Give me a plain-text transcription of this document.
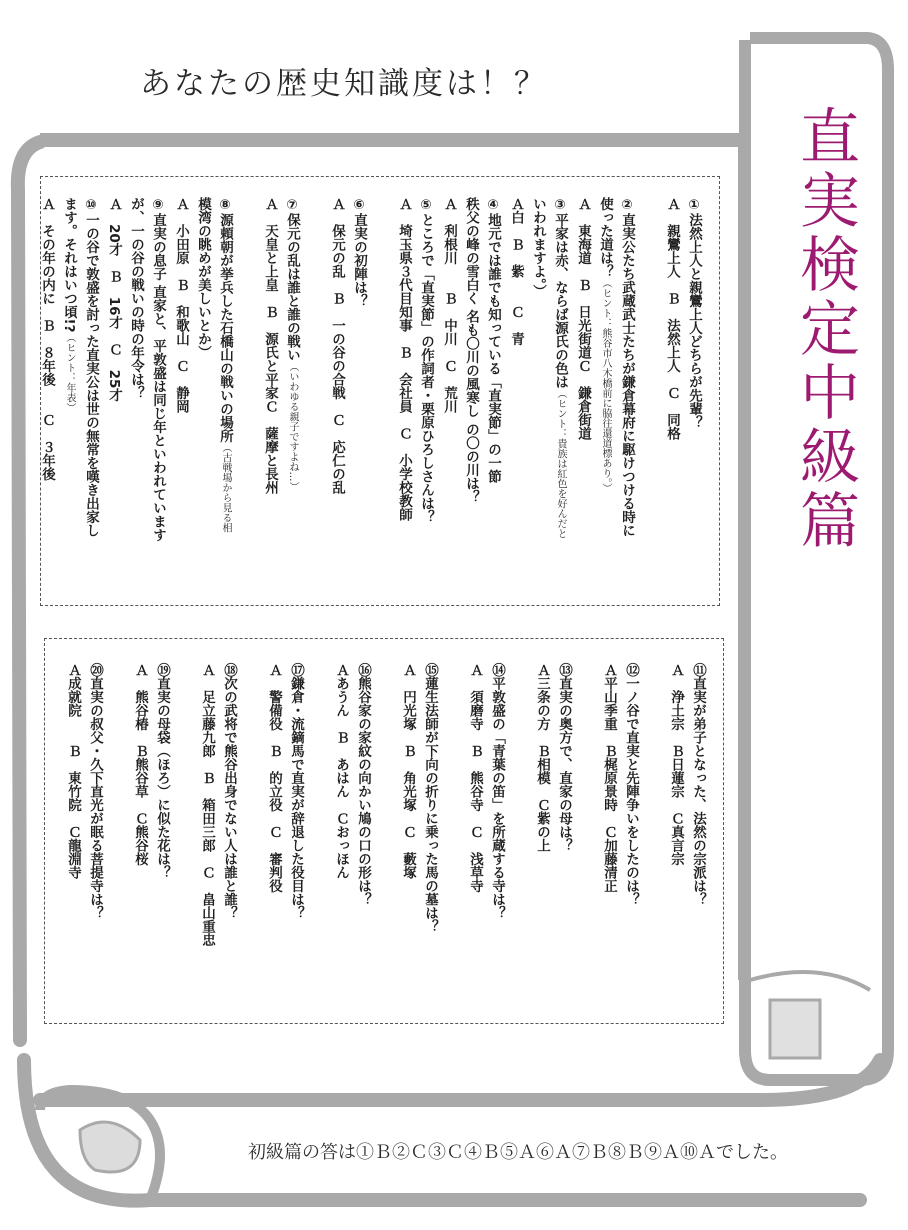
あなたの歴史知識度は！？
直実検定中級篇
①法然上人と親鸞上人どちらが先輩？
Ａ　親鸞上人　Ｂ　法然上人　Ｃ　同格
②直実公たち武蔵武士たちが鎌倉幕府に駆けつける時に
使った道は？（ヒント：熊谷市八木橋前に脇往還道標あり。）
Ａ　東海道　Ｂ　日光街道Ｃ　鎌倉街道
③平家は赤、ならば源氏の色は（ヒント：貴族は紅色を好んだと
いわれますよ。）
Ａ白　Ｂ　紫　　Ｃ　青
④地元では誰でも知っている「直実節」の一節
秩父の峰の雪白く 名も〇川の風寒し の〇の川は？
Ａ　利根川　　Ｂ　中川　Ｃ　荒川
⑤ところで「直実節」の作詞者・栗原ひろしさんは？
Ａ　埼玉県３代目知事　Ｂ　会社員　Ｃ　小学校教師
⑥直実の初陣は？
Ａ　保元の乱　Ｂ　一の谷の合戦　Ｃ　応仁の乱
⑦保元の乱は誰と誰の戦い（いわゆる親子ですよね…）
Ａ　天皇と上皇　Ｂ　源氏と平家Ｃ　薩摩と長州
⑧源頼朝が挙兵した石橋山の戦いの場所（古戦場から見る相
模湾の眺めが美しいとか）
Ａ　小田原　Ｂ　和歌山　Ｃ　静岡
⑨直実の息子 直家と、平敦盛は同じ年といわれています
が、一の谷の戦いの時の年令は？
Ａ　20才　Ｂ　16才　Ｃ　25才
⑩一の谷で敦盛を討った直実公は世の無常を嘆き出家し
ます。それはいつ頃!?（ヒント：年表）
Ａ　その年の内に　Ｂ　８年後　　Ｃ　３年後
⑪直実が弟子となった、法然の宗派は？
Ａ　浄土宗　Ｂ日蓮宗　Ｃ真言宗
⑫一ノ谷で直実と先陣争いをしたのは？
Ａ平山季重　Ｂ梶原景時　Ｃ加藤清正
⑬直実の奥方で、直家の母は？
Ａ三条の方　Ｂ相模　Ｃ紫の上
⑭平敦盛の「青葉の笛」を所蔵する寺は？
Ａ　須磨寺　Ｂ　熊谷寺　Ｃ　浅草寺
⑮蓮生法師が下向の折りに乗った馬の墓は？
Ａ　円光塚　Ｂ　角光塚　Ｃ　藪塚
⑯熊谷家の家紋の向かい鳩の口の形は？
Ａあうん　Ｂ　あはん　Ｃおっほん
⑰鎌倉・流鏑馬で直実が辞退した役目は？
Ａ　警備役　Ｂ　的立役　Ｃ　審判役
⑱次の武将で熊谷出身でない人は誰と誰？
Ａ　足立藤九郎　Ｂ　箱田三郎　Ｃ　畠山重忠
⑲直実の母袋（ほろ）に似た花は？
Ａ　熊谷椿　Ｂ熊谷草　Ｃ熊谷桜
⑳直実の叔父・久下直光が眠る菩提寺は？
Ａ成就院　　Ｂ　東竹院　Ｃ龍淵寺
初級篇の答は①Ｂ②Ｃ③Ｃ④Ｂ⑤Ａ⑥Ａ⑦Ｂ⑧Ｂ⑨Ａ⑩Ａでした。
